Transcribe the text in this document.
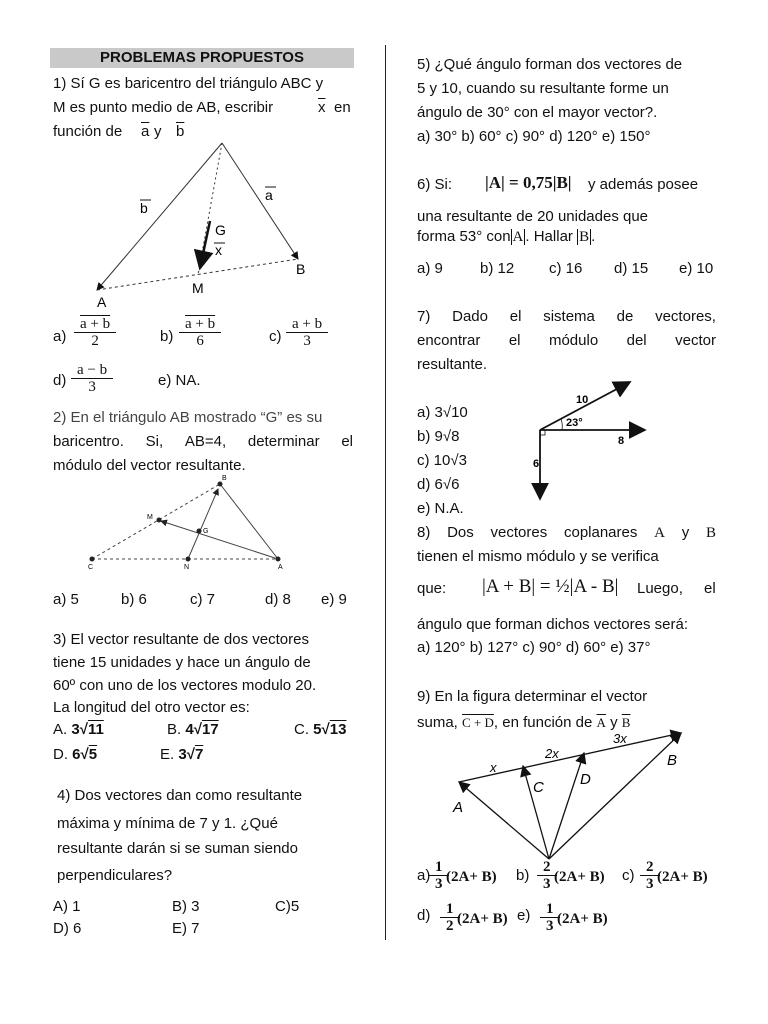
PROBLEMAS PROPUESTOS
1) Sí G es baricentro del triángulo ABC y
M es punto medio de AB, escribir	$\overline{x}$ en
función de $\overline{a}$ y $\overline{b}$
b
a
G
x
A
B
M
$a) \frac{a + b}{2}$	$b) \frac{a + b}{6}$	$c) \frac{a + b}{3}$
$d) \frac{a - b}{3}$	e) NA.
2) En el triángulo AB mostrado “G” es su
baricentro. Si, AB=4, determinar el
módulo del vector resultante.
B
M
G
C	N	A
a) 5	b) 6	c) 7	d) 8 e) 9
3) El vector resultante de dos vectores
tiene 15 unidades y hace un ángulo de
60º con uno de los vectores modulo 20.
La longitud del otro vector es:
A. 3√11	B. 4√17	C. 5√13
D. 6√5	E. 3√7
4) Dos vectores dan como resultante
máxima y mínima de 7 y 1. ¿Qué
resultante darán si se suman siendo
perpendiculares?
A) 1	B) 3	C)5
D) 6	E) 7
5) ¿Qué ángulo forman dos vectores de
5 y 10, cuando su resultante forme un
ángulo de 30° con el mayor vector?.
a) 30° b) 60° c) 90° d) 120° e) 150°
6) Si: |A| = 0,75|B| y además posee
una resultante de 20 unidades que
forma 53° con A . Hallar B .
a) 9 b) 12 c) 16 d) 15 e) 10
7) Dado el sistema de vectores,
encontrar el módulo del vector
resultante.
a) 3√10
b) 9√8
c) 10√3
d) 6√6
e) N.A.
10
8
6
23°
8) Dos vectores coplanares A y B
tienen el mismo módulo y se verifica
que: |A + B| = ½|A - B| Luego, el
ángulo que forman dichos vectores será:
a) 120° b) 127° c) 90° d) 60° e) 37°
9) En la figura determinar el vector
suma, C + D, en función de $\overline{A}$ y $\overline{B}$
x
2x
3x
A
C D
B
$a) \frac{1}{3} (2A+ B)$ $b) \frac{2}{3} (2A+ B)$ $c) \frac{2}{3} (2A+ B)$
$d) \frac{1}{2} (2A+ B)$ $e) \frac{1}{3} (2A+ B)$
